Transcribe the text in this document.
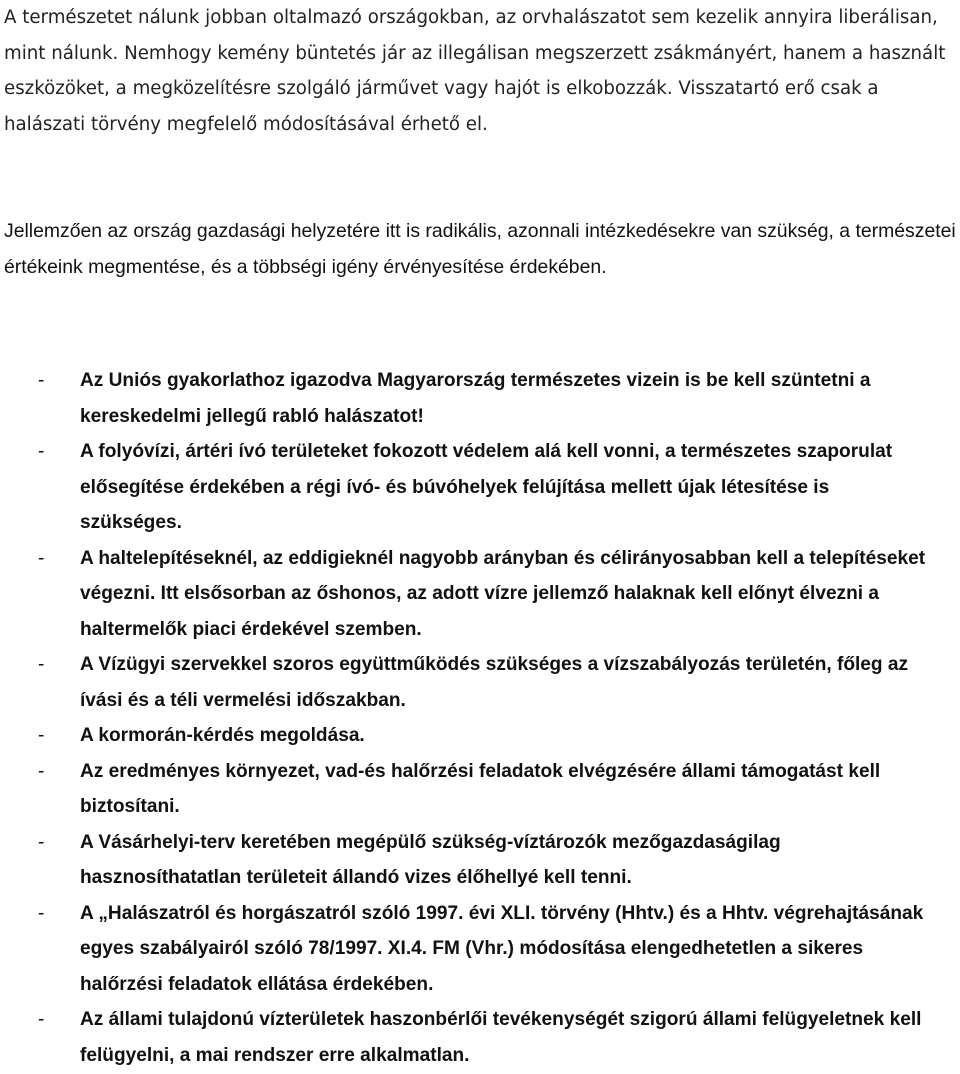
A természetet nálunk jobban oltalmazó országokban, az orvhalászatot sem kezelik annyira liberálisan, mint nálunk. Nemhogy kemény büntetés jár az illegálisan megszerzett zsákmányért, hanem a használt eszközöket, a megközelítésre szolgáló járművet vagy hajót is elkobozzák. Visszatartó erő csak a halászati törvény megfelelő módosításával érhető el.

Jellemzően az ország gazdasági helyzetére itt is radikális, azonnali intézkedésekre van szükség, a természetei értékeink megmentése, és a többségi igény érvényesítése érdekében.

- Az Uniós gyakorlathoz igazodva Magyarország természetes vizein is be kell szüntetni a kereskedelmi jellegű rabló halászatot!
- A folyóvízi, ártéri ívó területeket fokozott védelem alá kell vonni, a természetes szaporulat elősegítése érdekében a régi ívó- és búvóhelyek felújítása mellett újak létesítése is szükséges.
- A haltelepítéseknél, az eddigieknél nagyobb arányban és célirányosabban kell a telepítéseket végezni. Itt elsősorban az őshonos, az adott vízre jellemző halaknak kell előnyt élvezni a haltermelők piaci érdekével szemben.
- A Vízügyi szervekkel szoros együttműködés szükséges a vízszabályozás területén, főleg az ívási és a téli vermelési időszakban.
- A kormorán-kérdés megoldása.
- Az eredményes környezet, vad-és halőrzési feladatok elvégzésére állami támogatást kell biztosítani.
- A Vásárhelyi-terv keretében megépülő szükség-víztározók mezőgazdaságilag hasznosíthatatlan területeit állandó vizes élőhellyé kell tenni.
- A „Halászatról és horgászatról szóló 1997. évi XLI. törvény (Hhtv.) és a Hhtv. végrehajtásának egyes szabályairól szóló 78/1997. XI.4. FM (Vhr.) módosítása elengedhetetlen a sikeres halőrzési feladatok ellátása érdekében.
- Az állami tulajdonú vízterületek haszonbérlői tevékenységét szigorú állami felügyeletnek kell felügyelni, a mai rendszer erre alkalmatlan.
